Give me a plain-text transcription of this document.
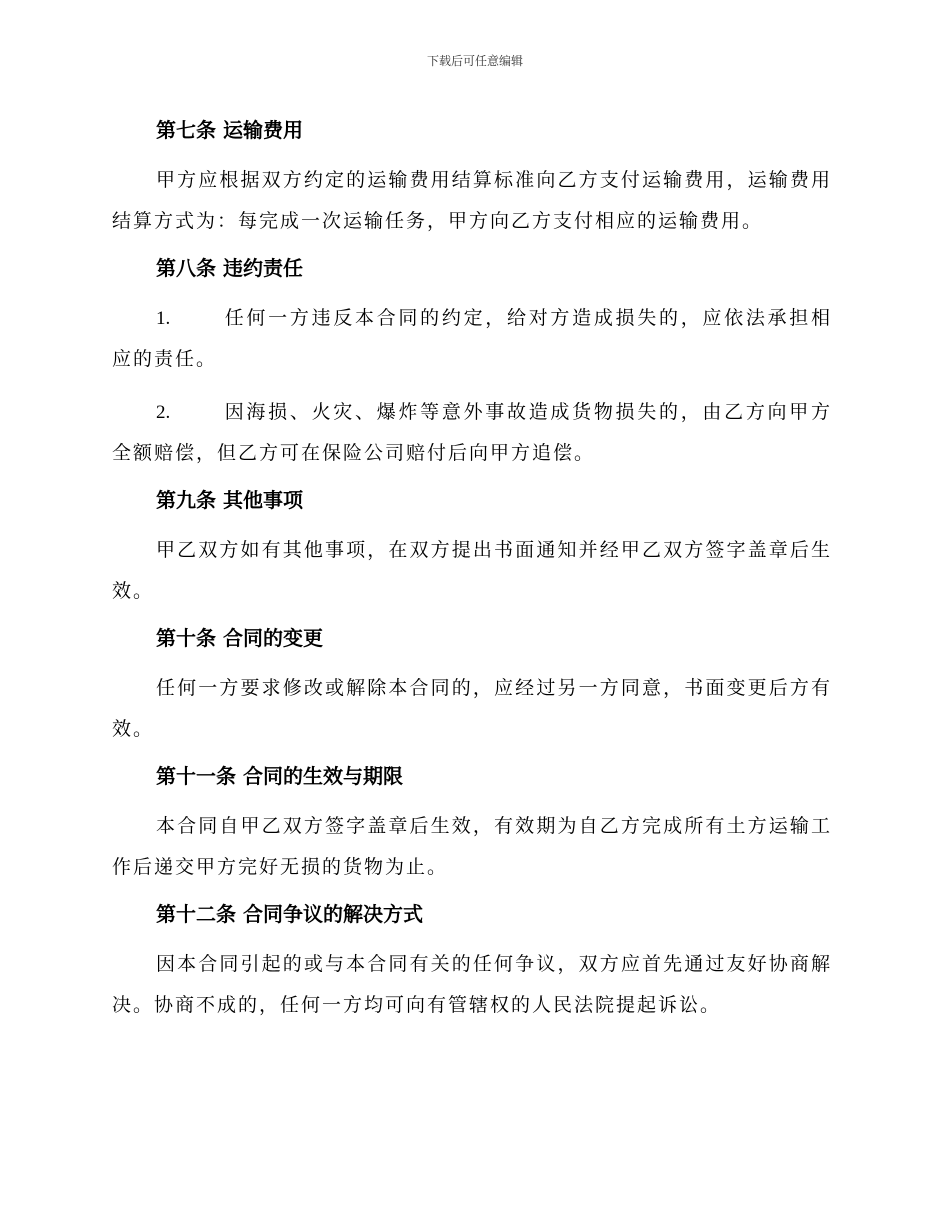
下载后可任意编辑
第七条 运输费用

甲方应根据双方约定的运输费用结算标准向乙方支付运输费用，运输费用结算方式为：每完成一次运输任务，甲方向乙方支付相应的运输费用。

第八条 违约责任

1.	任何一方违反本合同的约定，给对方造成损失的，应依法承担相应的责任。

2.	因海损、火灾、爆炸等意外事故造成货物损失的，由乙方向甲方全额赔偿，但乙方可在保险公司赔付后向甲方追偿。

第九条 其他事项

甲乙双方如有其他事项，在双方提出书面通知并经甲乙双方签字盖章后生效。

第十条 合同的变更

任何一方要求修改或解除本合同的，应经过另一方同意，书面变更后方有效。

第十一条 合同的生效与期限

本合同自甲乙双方签字盖章后生效，有效期为自乙方完成所有土方运输工作后递交甲方完好无损的货物为止。

第十二条 合同争议的解决方式

因本合同引起的或与本合同有关的任何争议，双方应首先通过友好协商解决。协商不成的，任何一方均可向有管辖权的人民法院提起诉讼。
